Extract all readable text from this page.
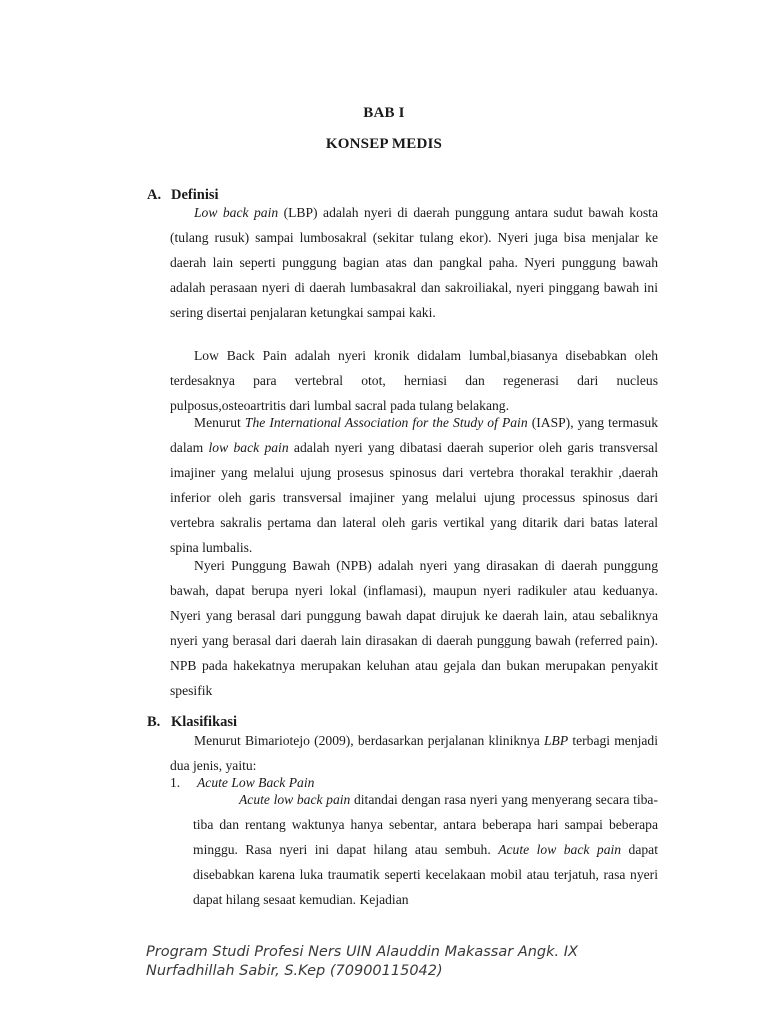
BAB I
KONSEP MEDIS
A. Definisi
Low back pain (LBP) adalah nyeri di daerah punggung antara sudut bawah kosta (tulang rusuk) sampai lumbosakral (sekitar tulang ekor). Nyeri juga bisa menjalar ke daerah lain seperti punggung bagian atas dan pangkal paha. Nyeri punggung bawah adalah perasaan nyeri di daerah lumbasakral dan sakroiliakal, nyeri pinggang bawah ini sering disertai penjalaran ketungkai sampai kaki.
Low Back Pain adalah nyeri kronik didalam lumbal,biasanya disebabkan oleh terdesaknya para vertebral otot, herniasi dan regenerasi dari nucleus pulposus,osteoartritis dari lumbal sacral pada tulang belakang.
Menurut The International Association for the Study of Pain (IASP), yang termasuk dalam low back pain adalah nyeri yang dibatasi daerah superior oleh garis transversal imajiner yang melalui ujung prosesus spinosus dari vertebra thorakal terakhir ,daerah inferior oleh garis transversal imajiner yang melalui ujung processus spinosus dari vertebra sakralis pertama dan lateral oleh garis vertikal yang ditarik dari batas lateral spina lumbalis.
Nyeri Punggung Bawah (NPB) adalah nyeri yang dirasakan di daerah punggung bawah, dapat berupa nyeri lokal (inflamasi), maupun nyeri radikuler atau keduanya. Nyeri yang berasal dari punggung bawah dapat dirujuk ke daerah lain, atau sebaliknya nyeri yang berasal dari daerah lain dirasakan di daerah punggung bawah (referred pain). NPB pada hakekatnya merupakan keluhan atau gejala dan bukan merupakan penyakit spesifik
B. Klasifikasi
Menurut Bimariotejo (2009), berdasarkan perjalanan kliniknya LBP terbagi menjadi dua jenis, yaitu:
1. Acute Low Back Pain
Acute low back pain ditandai dengan rasa nyeri yang menyerang secara tiba-tiba dan rentang waktunya hanya sebentar, antara beberapa hari sampai beberapa minggu. Rasa nyeri ini dapat hilang atau sembuh. Acute low back pain dapat disebabkan karena luka traumatik seperti kecelakaan mobil atau terjatuh, rasa nyeri dapat hilang sesaat kemudian. Kejadian
Program Studi Profesi Ners UIN Alauddin Makassar Angk. IX
Nurfadhillah Sabir, S.Kep (70900115042)
